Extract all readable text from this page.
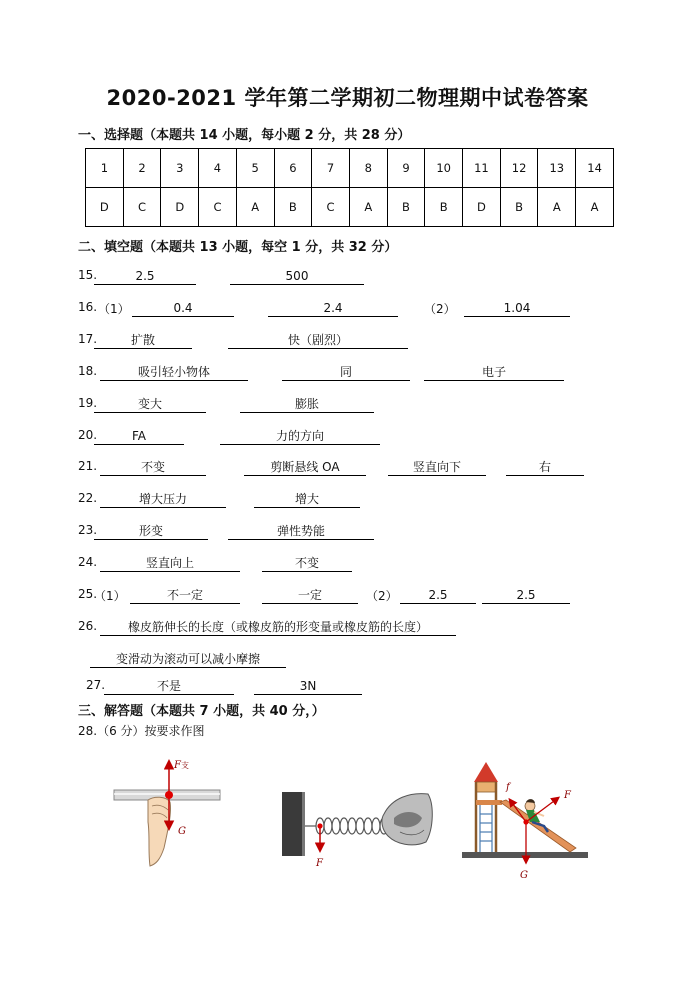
2020-2021 学年第二学期初二物理期中试卷答案
一、选择题（本题共 14 小题，每小题 2 分，共 28 分）
1	2	3	4	5	6	7	8	9	10	11	12	13	14
D	C	D	C	A	B	C	A	B	B	D	B	A	A
二、填空题（本题共 13 小题，每空 1 分，共 32 分）
15.	2.5	500
16. （1）	0.4	2.4	（2）	1.04
17.	扩散	快（剧烈）
18.	吸引轻小物体	同	电子
19.	变大	膨胀
20.	FA	力的方向
21.	不变	剪断悬线 OA	竖直向下	右
22.	增大压力	增大
23.	形变	弹性势能
24.	竖直向上	不变
25.
（1）	不一定	一定	（2）	2.5	2.5
26.	橡皮筋伸长的长度（或橡皮筋的形变量或橡皮筋的长度）
变滑动为滚动可以减小摩擦
27.	不是	3N
三、解答题（本题共 7 小题，共 40 分，）
28.（6 分）按要求作图
F支
G
F
f
F
G
